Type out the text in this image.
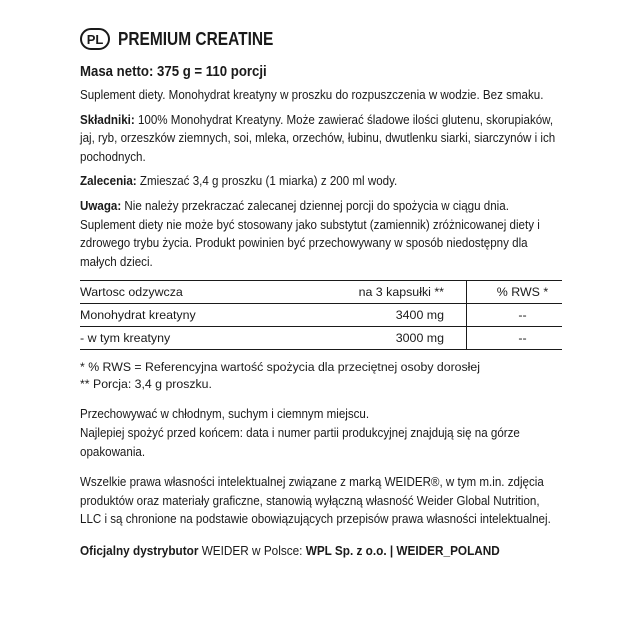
PL PREMIUM CREATINE
Masa netto: 375 g = 110 porcji
Suplement diety. Monohydrat kreatyny w proszku do rozpuszczenia w wodzie. Bez smaku.
Składniki: 100% Monohydrat Kreatyny. Może zawierać śladowe ilości glutenu, skorupiaków, jaj, ryb, orzeszków ziemnych, soi, mleka, orzechów, łubinu, dwutlenku siarki, siarczynów i ich pochodnych.
Zalecenia: Zmieszać 3,4 g proszku (1 miarka) z 200 ml wody.
Uwaga: Nie należy przekraczać zalecanej dziennej porcji do spożycia w ciągu dnia. Suplement diety nie może być stosowany jako substytut (zamiennik) zróżnicowanej diety i zdrowego trybu życia. Produkt powinien być przechowywany w sposób niedostępny dla małych dzieci.
Wartosc odzywcza	na 3 kapsułki **	% RWS *
Monohydrat kreatyny	3400 mg	--
- w tym kreatyny	3000 mg	--
* % RWS = Referencyjna wartość spożycia dla przeciętnej osoby dorosłej
** Porcja: 3,4 g proszku.
Przechowywać w chłodnym, suchym i ciemnym miejscu.
Najlepiej spożyć przed końcem: data i numer partii produkcyjnej znajdują się na górze opakowania.
Wszelkie prawa własności intelektualnej związane z marką WEIDER®, w tym m.in. zdjęcia produktów oraz materiały graficzne, stanowią wyłączną własność Weider Global Nutrition, LLC i są chronione na podstawie obowiązujących przepisów prawa własności intelektualnej.
Oficjalny dystrybutor WEIDER w Polsce: WPL Sp. z o.o. | WEIDER_POLAND
